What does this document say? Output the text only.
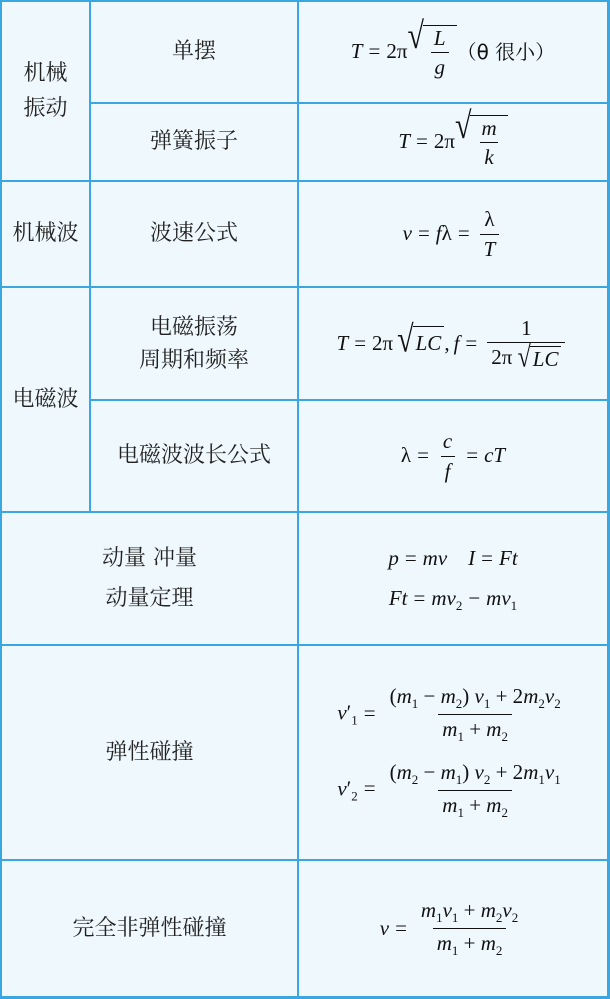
机械
振动
机械波
电磁波
单摆
弹簧振子
波速公式
电磁振荡
周期和频率
电磁波波长公式
动量 冲量
动量定理
弹性碰撞
完全非弹性碰撞
T = 2π √ $\frac{L}{g} (\theta$ 很小）
T = 2π √ $\frac{m}{k}$
$v = f\lambda = \frac{\lambda}{T}$
T = 2π √ LC , $f = \frac{1}{2\pi √ LC}$
$\lambda = \frac{c}{f}$ = cT
p = mv I = Ft
$Ft = mv_2 - mv_1$
$v'_1 = \frac{(m_1 - m_2) v_1 + 2m_2v_2}{m_1 + m_2}$
$v'_2 = \frac{(m_2 - m_1) v_2 + 2m_1v_1}{m_1 + m_2}$
$v = \frac{m_1v_1 + m_2v_2}{m_1 + m_2}$
